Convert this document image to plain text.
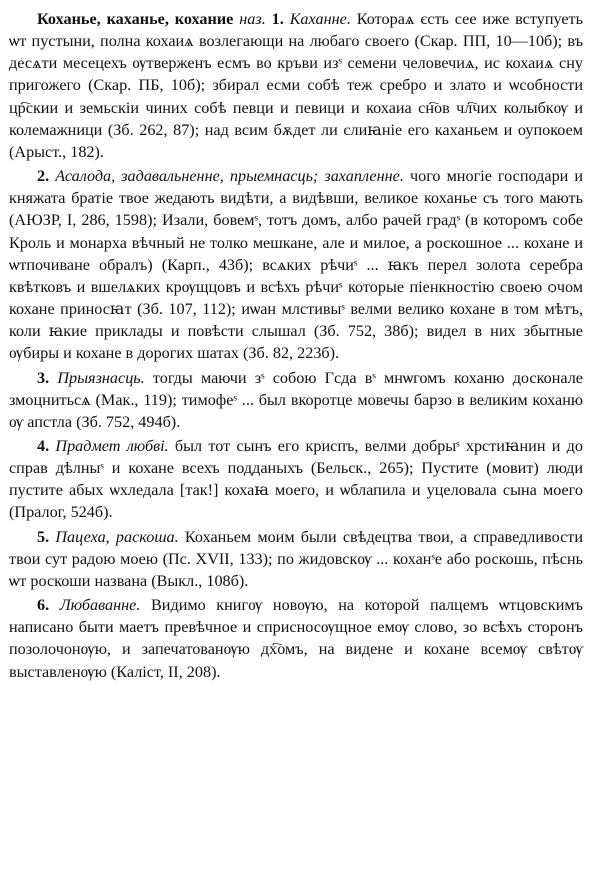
Коханье, каханье, кохание наз. 1. Каханне. Котораѧ єсть сее иже вступуеть ѡт пустыни, полна кохаиѧ возлегающи на любаго своего (Скар. ПП, 10—10б); въ десѧти месецехъ ѹтверженъ есмъ во кръви изˢ семени человечиѧ, ис кохаиѧ сну пригожего (Скар. ПБ, 10б); збирал есми собѣ теж сребро и злато и ѡсобности цр҇скии и земьскіи чиних собѣ певци и певици и кохаиа сн҇ов чл҇чих колыбкѹ и колемажници (Зб. 262, 87); над всим бѫдет ли слиꙗніе его каханьем и оупокоем (Арыст., 182).

2. Асалода, задавальненне, прыемнасць; захапленне. чого многіе господари и княжата братіе твое жедають видѣти, а видѣвши, великое коханье съ того мають (АЮЗР, I, 286, 1598); Изали, бовемˢ, тотъ домъ, албо рачей градˢ (в которомъ собе Кроль и монарха вѣчный не толко мешкане, але и милое, а роскошное ... кохане и ѡтпочиване обралъ) (Карп., 43б); всѧких рѣчиˢ ... ꙗкъ перел золота серебра квѣтковъ и вшелѧких крѹщцовъ и всѣхъ рѣчиˢ которые піенкностію своею ѻчом кохане приносꙗт (Зб. 107, 112); иѡан млстивыˢ велми велико кохане в том мѣтъ, коли ꙗкие приклады и повѣсти слышал (Зб. 752, 38б); видел в них збытные ѹбиры и кохане в дорогих шатах (Зб. 82, 223б).

3. Прыязнасць. тогды маючи зˢ собою Гсда вˢ мнѡгомъ коханю досконале змоцнитьсѧ (Мак., 119); тимофеˢ ... был вкоротце мовечы барзо в великим коханю ѹ апстла (Зб. 752, 494б).

4. Прадмет любві. был тот сынъ его криспъ, велми добрыˢ хрстиꙗнин и до справ дѣлныˢ и кохане всехъ подданыхъ (Бельск., 265); Пустите (мовит) люди пустите абых ѡхледала [так!] кохаꙗ моего, и ѡблапила и уцеловала сына моего (Пралог, 524б).

5. Пацеха, раскоша. Коханьем моим были свѣдецтва твои, а справедливости твои сут радою моею (Пс. XVII, 133); по жидовскѹ ... коханˢе або роскошь, пѣснь ѡт роскоши названа (Выкл., 108б).

6. Любаванне. Видимо книгѹ новѹю, на которой палцемъ ѡтцовскимъ написано быти маетъ превѣчное и сприсносѹщное емѹ слово, зо всѣхъ сторонъ позолочонѹю, и запечатованѹю дх҇омъ, на видене и кохане всемѹ свѣтѹ выставленѹю (Каліст, II, 208).
